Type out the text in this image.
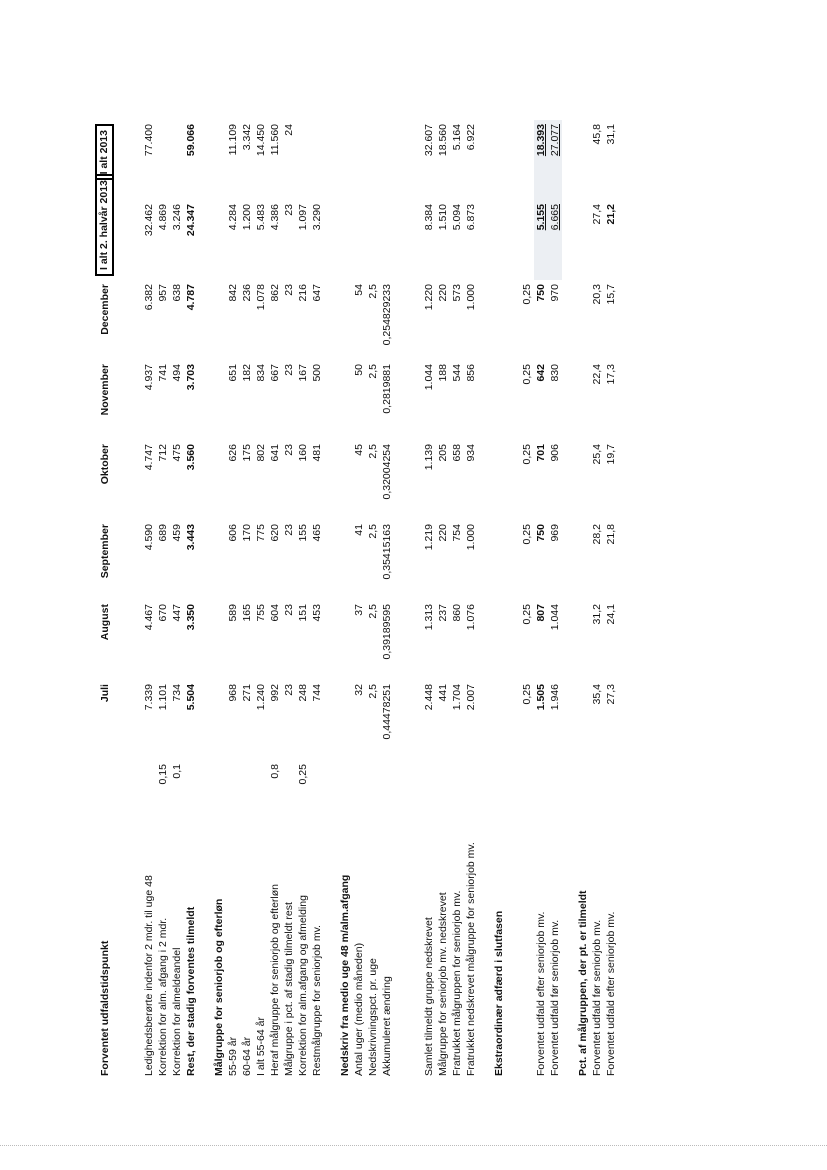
Forventet udfaldstidspunkt		Juli	August	September	Oktober	November	December	I alt 2. halvår 2013	I alt 2013

Ledighedsberørte indenfor 2 mdr. til uge 48		7.339	4.467	4.590	4.747	4.937	6.382	32.462	77.400
Korrektion for alm. afgang i 2 mdr.	0,15	1.101	670	689	712	741	957	4.869	
Korrektion for almeldeandel	0,1	734	447	459	475	494	638	3.246	
Rest, der stadig forventes tilmeldt		5.504	3.350	3.443	3.560	3.703	4.787	24.347	59.066

Målgruppe for seniorjob og efterløn									
55-59 år		968	589	606	626	651	842	4.284	11.109
60-64 år		271	165	170	175	182	236	1.200	3.342
I alt 55-64 år		1.240	755	775	802	834	1.078	5.483	14.450
Heraf målgruppe for seniorjob og efterløn	0,8	992	604	620	641	667	862	4.386	11.560
Målgruppe i pct. af stadig tilmeldt rest		23	23	23	23	23	23	23	24
Korrektion for alm.afgang og afmelding	0,25	248	151	155	160	167	216	1.097	
Restmålgruppe for seniorjob mv.		744	453	465	481	500	647	3.290	

Nedskriv fra medio uge 48 m/alm.afgang									
Antal uger (medio måneden)		32	37	41	45	50	54		
Nedskrivningspct. pr. uge		2,5	2,5	2,5	2,5	2,5	2,5		
Akkumuleret ændring		0,44478251	0,39189595	0,35415163	0,32004254	0,2819881	0,254829233		

Samlet tilmeldt gruppe nedskrevet		2.448	1.313	1.219	1.139	1.044	1.220	8.384	32.607
Målgruppe for seniorjob mv. nedskrevet		441	237	220	205	188	220	1.510	18.560
Fratrukket målgruppen for seniorjob mv.		1.704	860	754	658	544	573	5.094	5.164
Fratrukket nedskrevet målgruppe for seniorjob mv.		2.007	1.076	1.000	934	856	1.000	6.873	6.922

Ekstraordinær adfærd i slutfasen									

		0,25	0,25	0,25	0,25	0,25	0,25		
Forventet udfald efter seniorjob mv.		1.505	807	750	701	642	750	5.155	18.393
Forventet udfald før seniorjob mv.		1.946	1.044	969	906	830	970	6.665	27.077

Pct. af målgruppen, der pt. er tilmeldt									
Forventet udfald før seniorjob mv.		35,4	31,2	28,2	25,4	22,4	20,3	27,4	45,8
Forventet udfald efter seniorjob mv.		27,3	24,1	21,8	19,7	17,3	15,7	21,2	31,1
